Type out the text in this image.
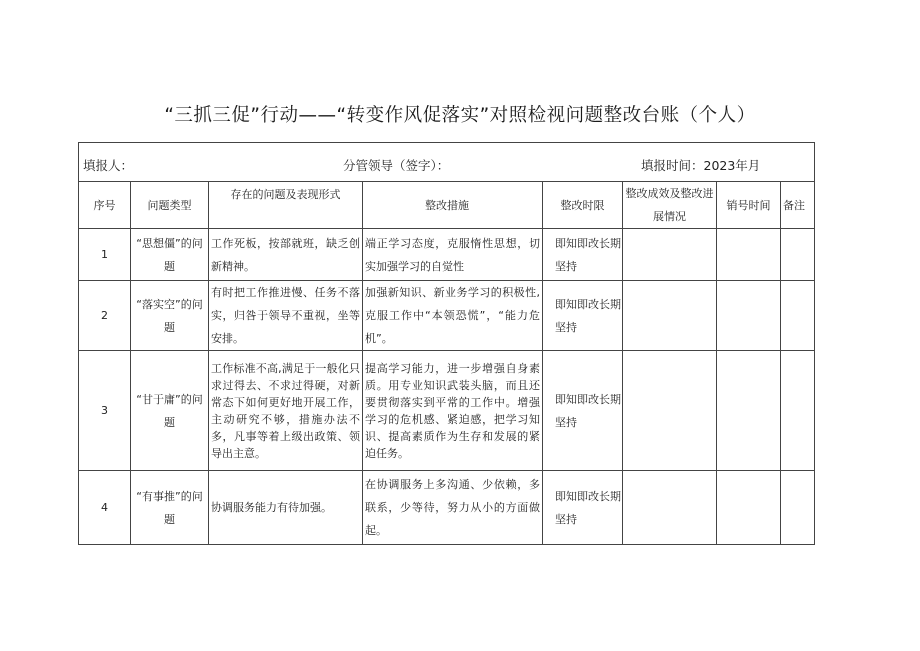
“三抓三促”行动——“转变作风促落实”对照检视问题整改台账（个人）
填报人： 分管领导（签字）： 填报时间：2023年月							

序号	问题类型	存在的问题及表现形式	整改措施	整改时限	整改成效及整改进展情况	销号时间	备注
1	“思想僵”的问题	工作死板，按部就班，缺乏创新精神。	端正学习态度，克服惰性思想，切实加强学习的自觉性	即知即改长期坚持			
2	“落实空”的问题	有时把工作推进慢、任务不落实，归咎于领导不重视，坐等安排。	加强新知识、新业务学习的积极性,克服工作中“本领恐慌”，“能力危机”。	即知即改长期坚持			
3	“甘于庸”的问题	工作标准不高,满足于一般化只求过得去、不求过得硬，对新常态下如何更好地开展工作，主动研究不够，措施办法不多，凡事等着上级出政策、领导出主意。	提高学习能力，进一步增强自身素质。用专业知识武装头脑，而且还要贯彻落实到平常的工作中。增强学习的危机感、紧迫感，把学习知识、提高素质作为生存和发展的紧迫任务。	即知即改长期坚持			
4	“有事推”的问题	协调服务能力有待加强。	在协调服务上多沟通、少依赖，多联系，少等待，努力从小的方面做起。	即知即改长期坚持			
